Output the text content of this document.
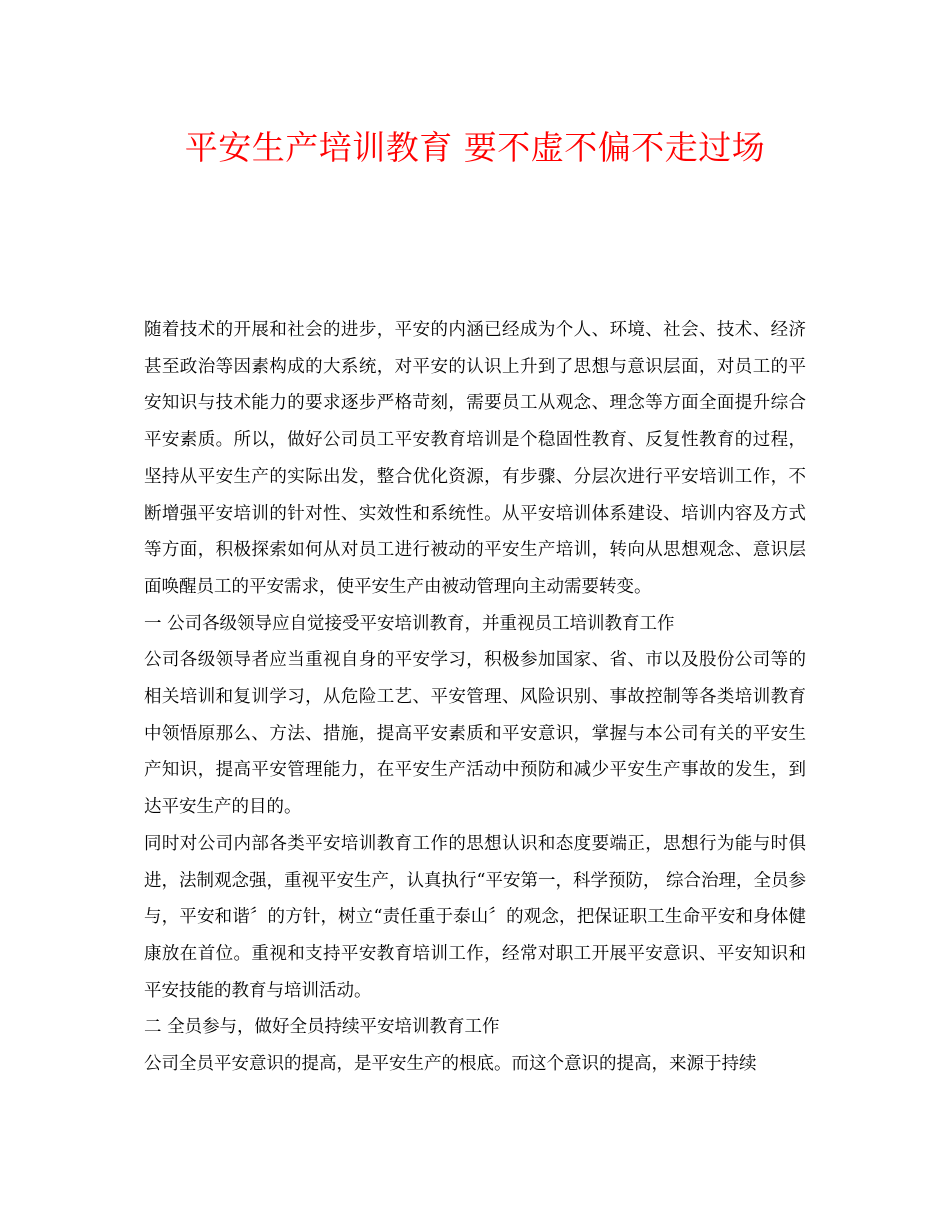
平安生产培训教育 要不虚不偏不走过场

随着技术的开展和社会的进步，平安的内涵已经成为个人、环境、社会、技术、经济甚至政治等因素构成的大系统，对平安的认识上升到了思想与意识层面，对员工的平安知识与技术能力的要求逐步严格苛刻，需要员工从观念、理念等方面全面提升综合平安素质。所以，做好公司员工平安教育培训是个稳固性教育、反复性教育的过程，坚持从平安生产的实际出发，整合优化资源，有步骤、分层次进行平安培训工作，不断增强平安培训的针对性、实效性和系统性。从平安培训体系建设、培训内容及方式等方面，积极探索如何从对员工进行被动的平安生产培训，转向从思想观念、意识层面唤醒员工的平安需求，使平安生产由被动管理向主动需要转变。

一 公司各级领导应自觉接受平安培训教育，并重视员工培训教育工作

公司各级领导者应当重视自身的平安学习，积极参加国家、省、市以及股份公司等的相关培训和复训学习，从危险工艺、平安管理、风险识别、事故控制等各类培训教育中领悟原那么、方法、措施，提高平安素质和平安意识，掌握与本公司有关的平安生产知识，提高平安管理能力，在平安生产活动中预防和减少平安生产事故的发生，到达平安生产的目的。

同时对公司内部各类平安培训教育工作的思想认识和态度要端正，思想行为能与时俱进，法制观念强，重视平安生产，认真执行“平安第一，科学预防， 综合治理，全员参与，平安和谐〞的方针，树立“责任重于泰山〞的观念，把保证职工生命平安和身体健康放在首位。重视和支持平安教育培训工作，经常对职工开展平安意识、平安知识和平安技能的教育与培训活动。

二 全员参与，做好全员持续平安培训教育工作

公司全员平安意识的提高，是平安生产的根底。而这个意识的提高，来源于持续
